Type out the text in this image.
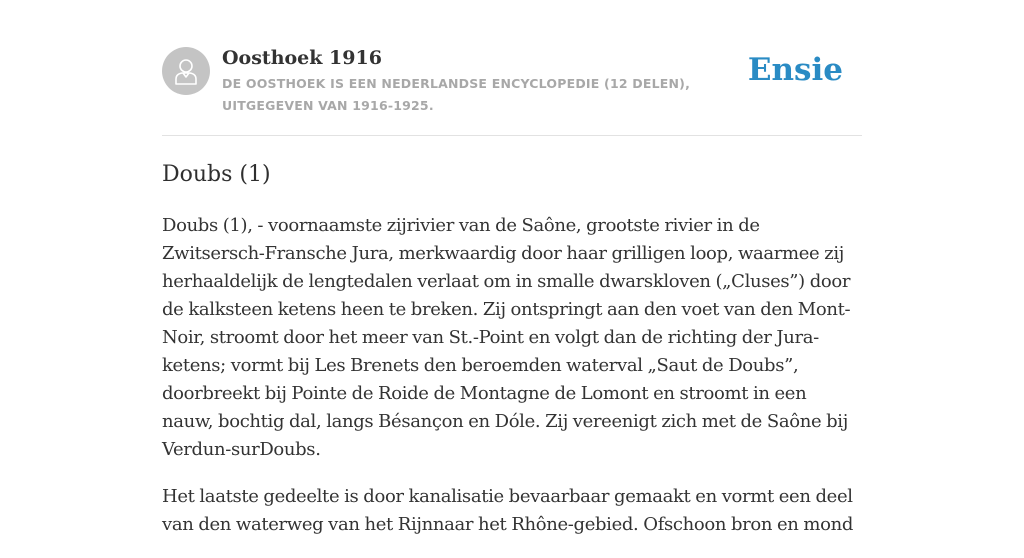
Oosthoek 1916
DE OOSTHOEK IS EEN NEDERLANDSE ENCYCLOPEDIE (12 DELEN), UITGEGEVEN VAN 1916-1925.
Ensie
Doubs (1)

Doubs (1), - voornaamste zijrivier van de Saône, grootste rivier in de Zwitsersch-Fransche Jura, merkwaardig door haar grilligen loop, waarmee zij herhaaldelijk de lengtedalen verlaat om in smalle dwarskloven („Cluses”) door de kalksteen ketens heen te breken. Zij ontspringt aan den voet van den Mont-Noir, stroomt door het meer van St.-Point en volgt dan de richting der Jura-ketens; vormt bij Les Brenets den beroemden waterval „Saut de Doubs”, doorbreekt bij Pointe de Roide de Montagne de Lomont en stroomt in een nauw, bochtig dal, langs Bésançon en Dóle. Zij vereenigt zich met de Saône bij Verdun-surDoubs.

Het laatste gedeelte is door kanalisatie bevaarbaar gemaakt en vormt een deel van den waterweg van het Rijnnaar het Rhône-gebied. Ofschoon bron en mond
